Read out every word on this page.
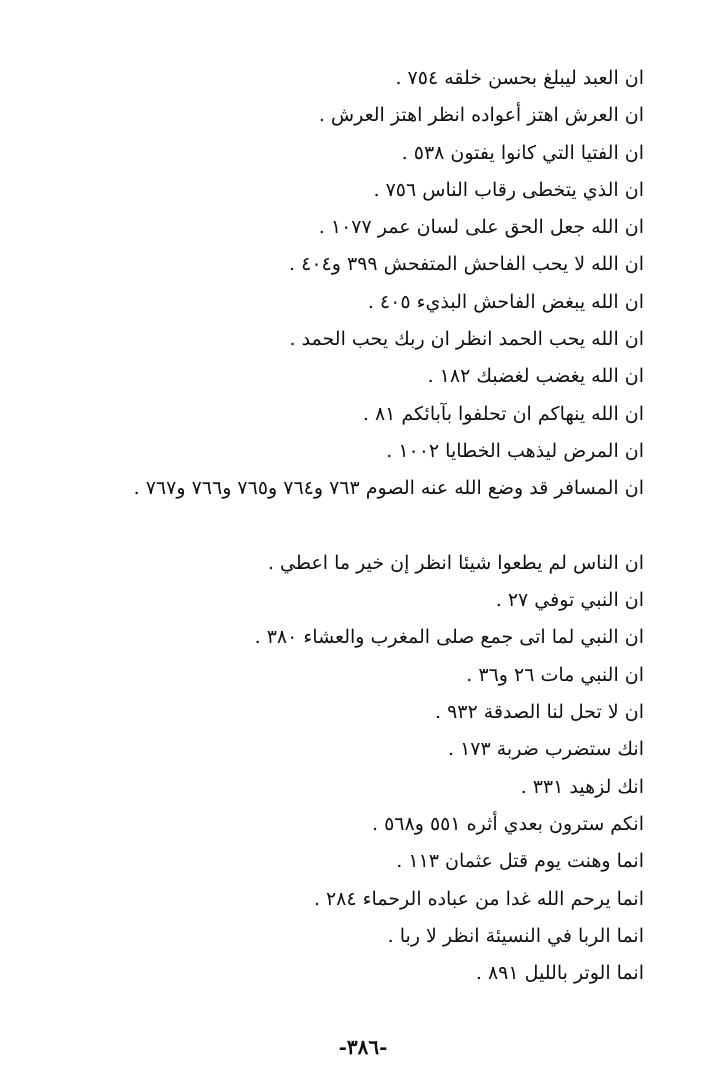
ان العبد ليبلغ بحسن خلقه ٧٥٤ .
ان العرش اهتز أعواده انظر اهتز العرش .
ان الفتيا التي كانوا يفتون ٥٣٨ .
ان الذي يتخطى رقاب الناس ٧٥٦ .
ان الله جعل الحق على لسان عمر ١٠٧٧ .
ان الله لا يحب الفاحش المتفحش ٣٩٩ و٤٠٤ .
ان الله يبغض الفاحش البذيء ٤٠٥ .
ان الله يحب الحمد انظر ان ربك يحب الحمد .
ان الله يغضب لغضبك ١٨٢ .
ان الله ينهاكم ان تحلفوا بآبائكم ٨١ .
ان المرض ليذهب الخطايا ١٠٠٢ .
ان المسافر قد وضع الله عنه الصوم ٧٦٣ و٧٦٤ و٧٦٥ و٧٦٦ و٧٦٧ .
ان الناس لم يطعوا شيئا انظر إن خير ما اعطي .
ان النبي توفي ٢٧ .
ان النبي لما اتى جمع صلى المغرب والعشاء ٣٨٠ .
ان النبي مات ٢٦ و٣٦ .
ان لا تحل لنا الصدقة ٩٣٢ .
انك ستضرب ضربة ١٧٣ .
انك لزهيد ٣٣١ .
انكم سترون بعدي أثره ٥٥١ و٥٦٨ .
انما وهنت يوم قتل عثمان ١١٣ .
انما يرحم الله غدا من عباده الرحماء ٢٨٤ .
انما الربا في النسيئة انظر لا ربا .
انما الوتر بالليل ٨٩١ .
-٣٨٦-
